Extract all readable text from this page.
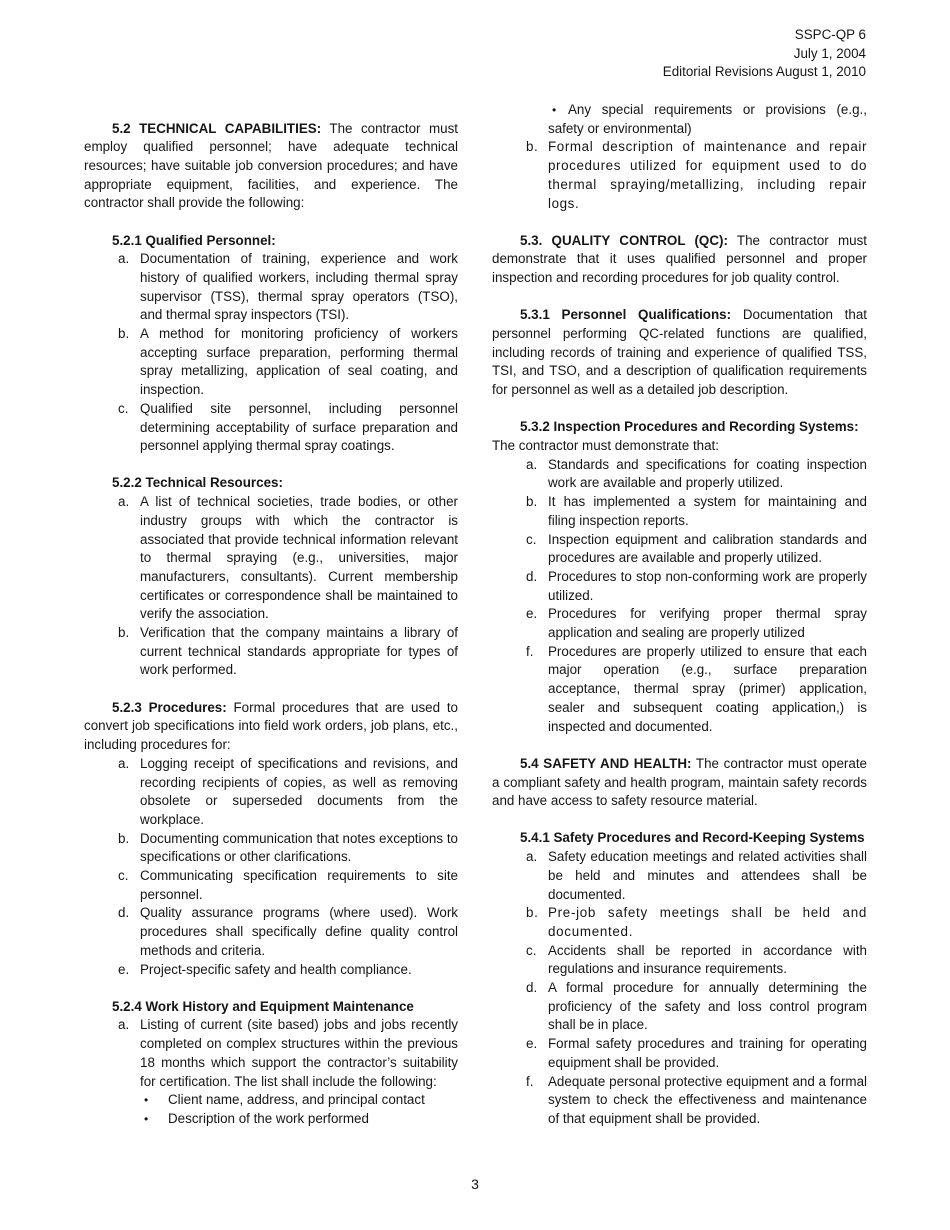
SSPC-QP 6
July 1, 2004
Editorial Revisions August 1, 2010

5.2 TECHNICAL CAPABILITIES: The contractor must employ qualified personnel; have adequate technical resources; have suitable job conversion procedures; and have appropriate equipment, facilities, and experience. The contractor shall provide the following:

5.2.1 Qualified Personnel:

a. Documentation of training, experience and work history of qualified workers, including thermal spray supervisor (TSS), thermal spray operators (TSO), and thermal spray inspectors (TSI).
b. A method for monitoring proficiency of workers accepting surface preparation, performing thermal spray metallizing, application of seal coating, and inspection.
c. Qualified site personnel, including personnel determining acceptability of surface preparation and personnel applying thermal spray coatings.

5.2.2 Technical Resources:

a. A list of technical societies, trade bodies, or other industry groups with which the contractor is associated that provide technical information relevant to thermal spraying (e.g., universities, major manufacturers, consultants). Current membership certificates or correspondence shall be maintained to verify the association.
b. Verification that the company maintains a library of current technical standards appropriate for types of work performed.

5.2.3 Procedures: Formal procedures that are used to convert job specifications into field work orders, job plans, etc., including procedures for:

a. Logging receipt of specifications and revisions, and recording recipients of copies, as well as removing obsolete or superseded documents from the workplace.
b. Documenting communication that notes exceptions to specifications or other clarifications.
c. Communicating specification requirements to site personnel.
d. Quality assurance programs (where used). Work procedures shall specifically define quality control methods and criteria.
e. Project-specific safety and health compliance.

5.2.4 Work History and Equipment Maintenance

a. Listing of current (site based) jobs and jobs recently completed on complex structures within the previous 18 months which support the contractor’s suitability for certification. The list shall include the following:
• Client name, address, and principal contact
• Description of the work performed
• Any special requirements or provisions (e.g., safety or environmental)
b. Formal description of maintenance and repair procedures utilized for equipment used to do thermal spraying/metallizing, including repair logs.

5.3. QUALITY CONTROL (QC): The contractor must demonstrate that it uses qualified personnel and proper inspection and recording procedures for job quality control.

5.3.1 Personnel Qualifications: Documentation that personnel performing QC-related functions are qualified, including records of training and experience of qualified TSS, TSI, and TSO, and a description of qualification requirements for personnel as well as a detailed job description.

5.3.2 Inspection Procedures and Recording Systems:

The contractor must demonstrate that:

a. Standards and specifications for coating inspection work are available and properly utilized.
b. It has implemented a system for maintaining and filing inspection reports.
c. Inspection equipment and calibration standards and procedures are available and properly utilized.
d. Procedures to stop non-conforming work are properly utilized.
e. Procedures for verifying proper thermal spray application and sealing are properly utilized
f. Procedures are properly utilized to ensure that each major operation (e.g., surface preparation acceptance, thermal spray (primer) application, sealer and subsequent coating application,) is inspected and documented.

5.4 SAFETY AND HEALTH: The contractor must operate a compliant safety and health program, maintain safety records and have access to safety resource material.

5.4.1 Safety Procedures and Record-Keeping Systems

a. Safety education meetings and related activities shall be held and minutes and attendees shall be documented.
b. Pre-job safety meetings shall be held and documented.
c. Accidents shall be reported in accordance with regulations and insurance requirements.
d. A formal procedure for annually determining the proficiency of the safety and loss control program shall be in place.
e. Formal safety procedures and training for operating equipment shall be provided.
f. Adequate personal protective equipment and a formal system to check the effectiveness and maintenance of that equipment shall be provided.
3
